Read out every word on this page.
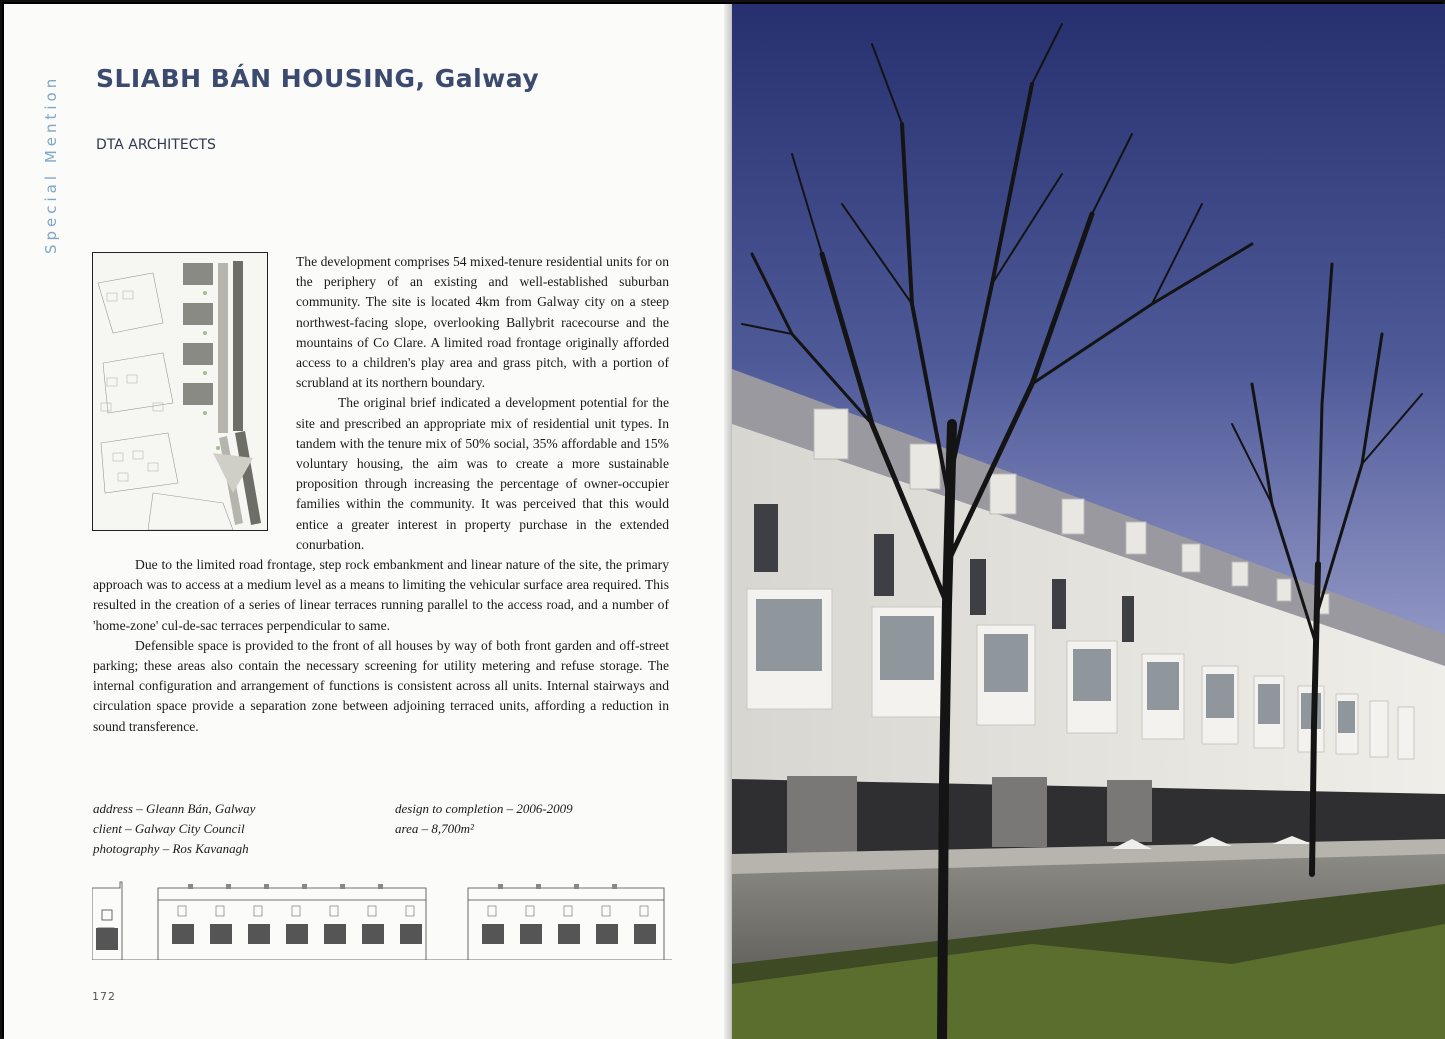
Special Mention SLIABH BÁN HOUSING, Galway
DTA ARCHITECTS

The development comprises 54 mixed-tenure residential units for on the periphery of an existing and well-established suburban community. The site is located 4km from Galway city on a steep northwest-facing slope, overlooking Ballybrit racecourse and the mountains of Co Clare. A limited road frontage originally afforded access to a children's play area and grass pitch, with a portion of scrubland at its northern boundary.

The original brief indicated a development potential for the site and prescribed an appropriate mix of residential unit types. In tandem with the tenure mix of 50% social, 35% affordable and 15% voluntary housing, the aim was to create a more sustainable proposition through increasing the percentage of owner-occupier families within the community. It was perceived that this would entice a greater interest in property purchase in the extended conurbation.

Due to the limited road frontage, step rock embankment and linear nature of the site, the primary approach was to access at a medium level as a means to limiting the vehicular surface area required. This resulted in the creation of a series of linear terraces running parallel to the access road, and a number of 'home-zone' cul-de-sac terraces perpendicular to same.

Defensible space is provided to the front of all houses by way of both front garden and off-street parking; these areas also contain the necessary screening for utility metering and refuse storage. The internal configuration and arrangement of functions is consistent across all units. Internal stairways and circulation space provide a separation zone between adjoining terraced units, affording a reduction in sound transference.

address – Gleann Bán, Galway
client – Galway City Council
photography – Ros Kavanagh
design to completion – 2006-2009
area – 8,700m²
172
